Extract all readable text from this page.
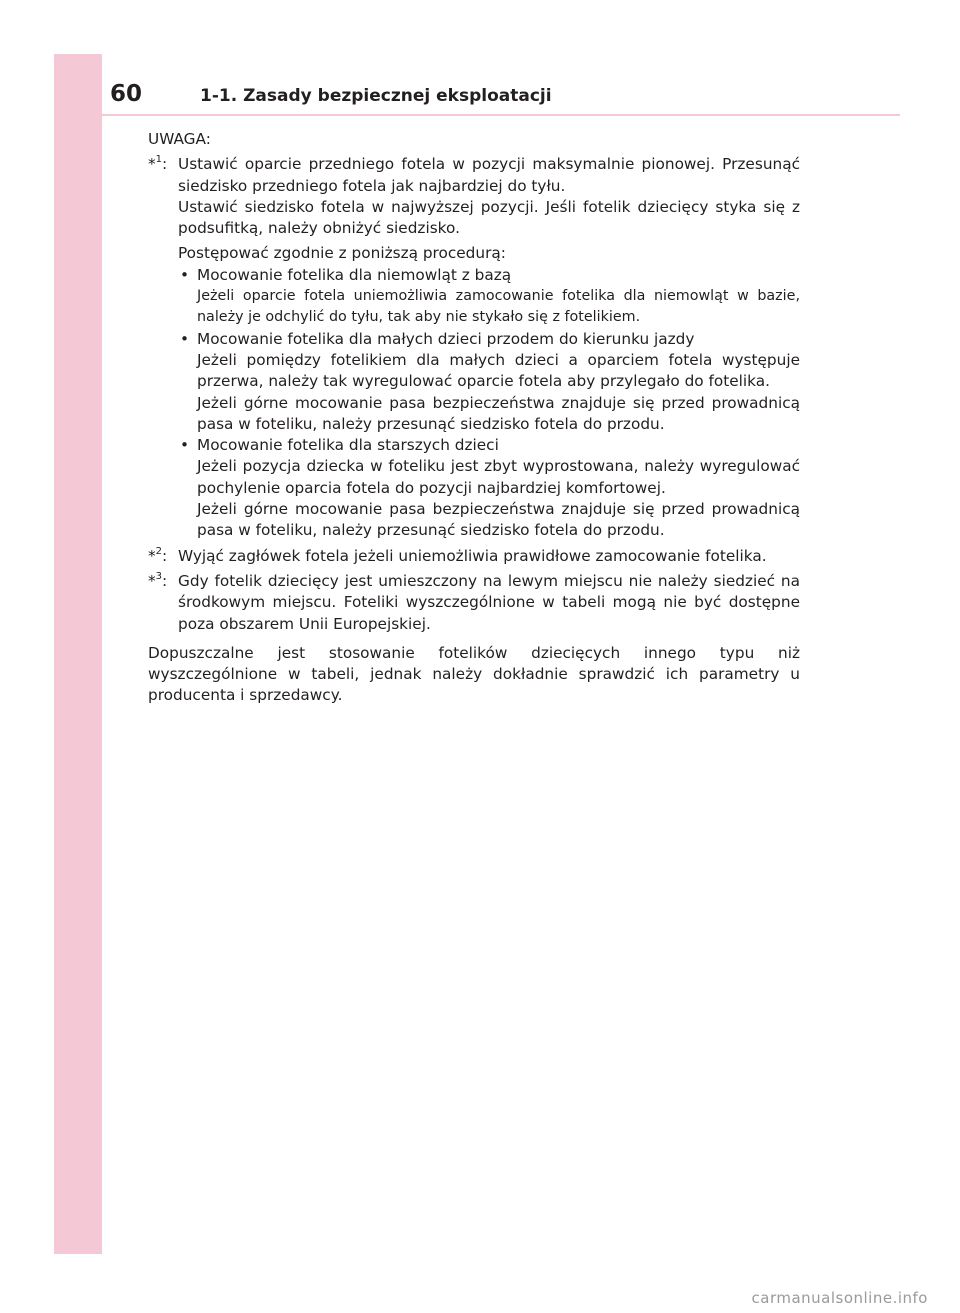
60	1-1. Zasady bezpiecznej eksploatacji

UWAGA:

*$^1$: Ustawić oparcie przedniego fotela w pozycji maksymalnie pionowej. Przesunąć siedzisko przedniego fotela jak najbardziej do tyłu.

Ustawić siedzisko fotela w najwyższej pozycji. Jeśli fotelik dziecięcy styka się z podsufitką, należy obniżyć siedzisko.

Postępować zgodnie z poniższą procedurą:

• Mocowanie fotelika dla niemowląt z bazą

Jeżeli oparcie fotela uniemożliwia zamocowanie fotelika dla niemowląt w bazie, należy je odchylić do tyłu, tak aby nie stykało się z fotelikiem.

• Mocowanie fotelika dla małych dzieci przodem do kierunku jazdy

Jeżeli pomiędzy fotelikiem dla małych dzieci a oparciem fotela występuje przerwa, należy tak wyregulować oparcie fotela aby przylegało do fotelika.

Jeżeli górne mocowanie pasa bezpieczeństwa znajduje się przed prowadnicą pasa w foteliku, należy przesunąć siedzisko fotela do przodu.

• Mocowanie fotelika dla starszych dzieci

Jeżeli pozycja dziecka w foteliku jest zbyt wyprostowana, należy wyregulować pochylenie oparcia fotela do pozycji najbardziej komfortowej.

Jeżeli górne mocowanie pasa bezpieczeństwa znajduje się przed prowadnicą pasa w foteliku, należy przesunąć siedzisko fotela do przodu.

*$^2$: Wyjąć zagłówek fotela jeżeli uniemożliwia prawidłowe zamocowanie fotelika.

*$^3$: Gdy fotelik dziecięcy jest umieszczony na lewym miejscu nie należy siedzieć na środkowym miejscu. Foteliki wyszczególnione w tabeli mogą nie być dostępne poza obszarem Unii Europejskiej.

Dopuszczalne jest stosowanie fotelików dziecięcych innego typu niż wyszczególnione w tabeli, jednak należy dokładnie sprawdzić ich parametry u producenta i sprzedawcy.

carmanualsonline.info
